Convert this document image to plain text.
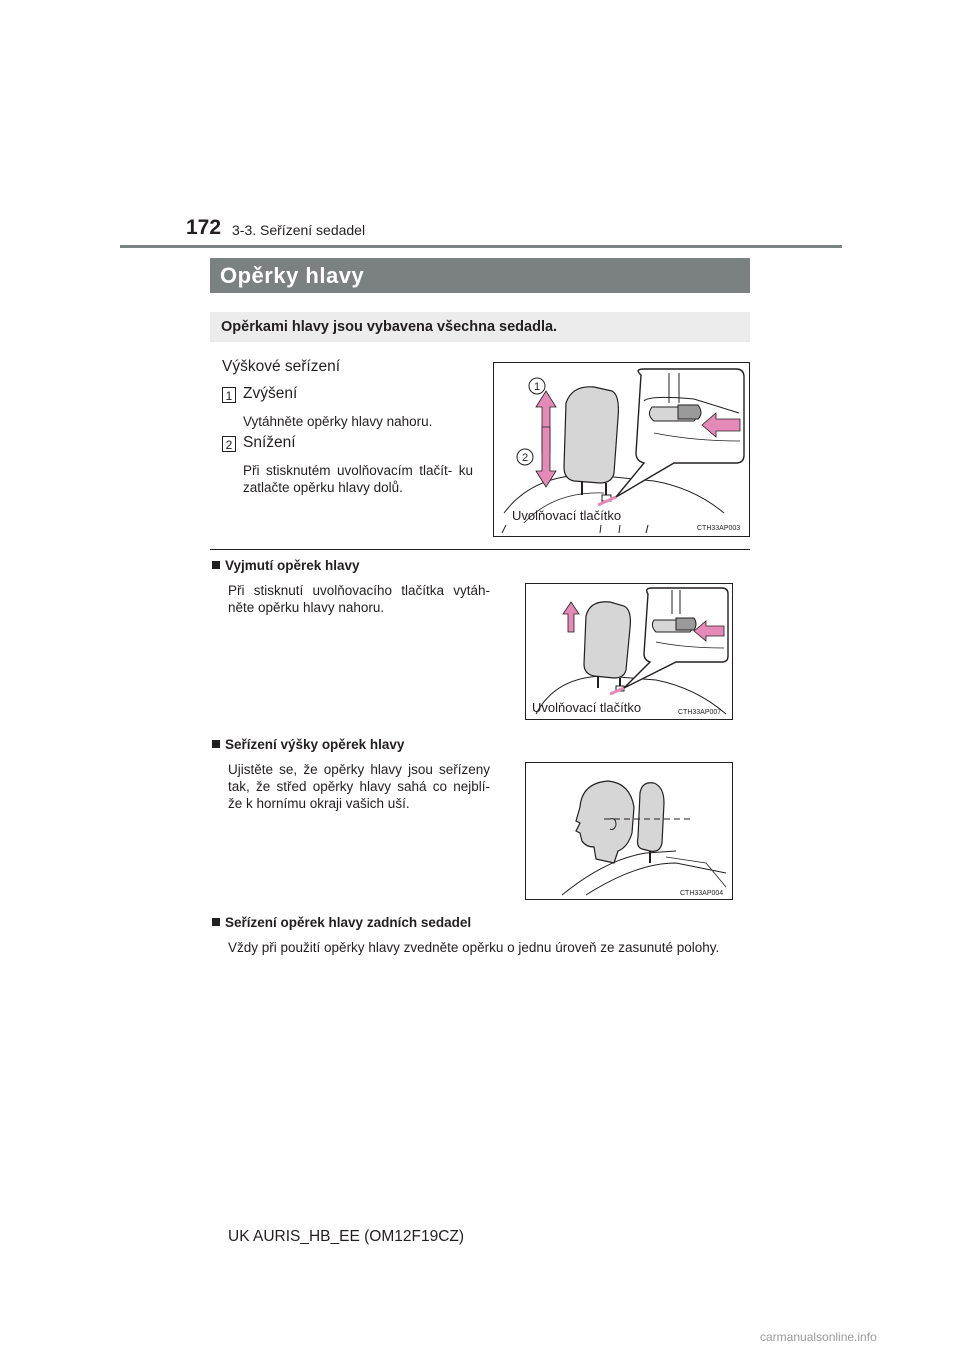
172 3-3. Seřízení sedadel
Opěrky hlavy
Opěrkami hlavy jsou vybavena všechna sedadla.
Výškové seřízení
1 Zvýšení
Vytáhněte opěrky hlavy nahoru.
2 Snížení
Při stisknutém uvolňovacím tlačít- ku zatlačte opěrku hlavy dolů.
1
2
Uvolňovací tlačítko
CTH33AP003
Vyjmutí opěrek hlavy
Při stisknutí uvolňovacího tlačítka vytáh- něte opěrku hlavy nahoru.
Uvolňovací tlačítko	CTH33AP007
Seřízení výšky opěrek hlavy
Ujistěte se, že opěrky hlavy jsou seřízeny tak, že střed opěrky hlavy sahá co nejblí- že k hornímu okraji vašich uší.
CTH33AP004
Seřízení opěrek hlavy zadních sedadel
Vždy při použití opěrky hlavy zvedněte opěrku o jednu úroveň ze zasunuté polohy.
UK AURIS_HB_EE (OM12F19CZ)
carmanualsonline.info
